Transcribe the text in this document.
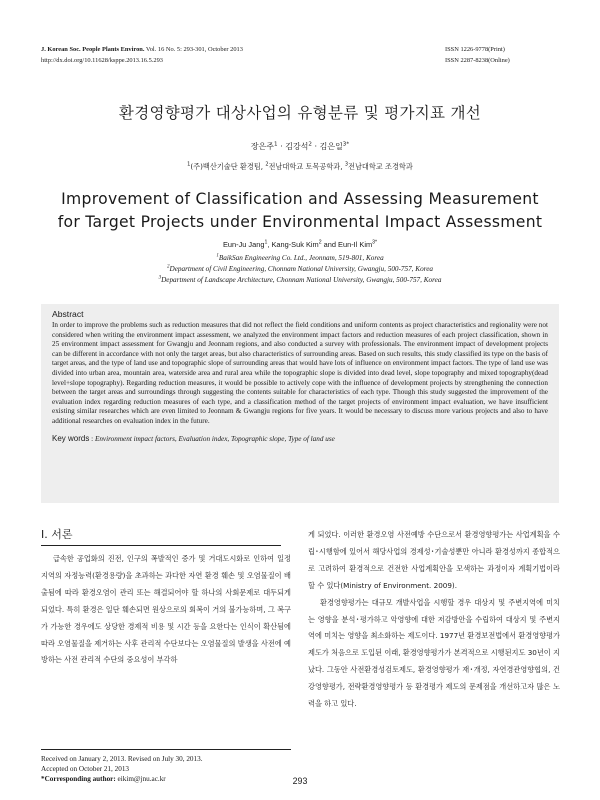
J. Korean Soc. People Plants Environ. Vol. 16 No. 5: 293-301, October 2013
http://dx.doi.org/10.11628/ksppe.2013.16.5.293
ISSN 1226-9778(Print)
ISSN 2287-8238(Online)
환경영향평가 대상사업의 유형분류 및 평가지표 개선
장은주$^1$ · 김강석$^2$ · 김은일$^{3*}$
$^1$(주)백산기술단 환경팀, $^2$전남대학교 토목공학과, $^3$전남대학교 조경학과
Improvement of Classification and Assessing Measurement
for Target Projects under Environmental Impact Assessment
Eun-Ju Jang$^1$, Kang-Suk Kim$^2$ and Eun-Il Kim$^{3*}$
$^1$BaikSan Engineering Co. Ltd., Jeonnam, 519-801, Korea
$^2$Department of Civil Engineering, Chonnam National University, Gwangju, 500-757, Korea
$^3$Department of Landscape Architecture, Chonnam National University, Gwangju, 500-757, Korea
Abstract
In order to improve the problems such as reduction measures that did not reflect the field conditions and uniform contents as project characteristics and regionality were not considered when writing the environment impact assessment, we analyzed the environment impact factors and reduction measures of each project classification, shown in 25 environment impact assessment for Gwangju and Jeonnam regions, and also conducted a survey with professionals. The environment impact of development projects can be different in accordance with not only the target areas, but also characteristics of surrounding areas. Based on such results, this study classified its type on the basis of target areas, and the type of land use and topographic slope of surrounding areas that would have lots of influence on environment impact factors. The type of land use was divided into urban area, mountain area, waterside area and rural area while the topographic slope is divided into dead level, slope topography and mixed topography(dead level+slope topography). Regarding reduction measures, it would be possible to actively cope with the influence of development projects by strengthening the connection between the target areas and surroundings through suggesting the contents suitable for characteristics of each type. Though this study suggested the improvement of the evaluation index regarding reduction measures of each type, and a classification method of the target projects of environment impact evaluation, we have insufficient existing similar researches which are even limited to Jeonnam & Gwangju regions for five years. It would be necessary to discuss more various projects and also to have additional researches on evaluation index in the future.
Key words : Environment impact factors, Evaluation index, Topographic slope, Type of land use
Ⅰ. 서론

급속한 공업화의 진전, 인구의 폭발적인 증가 및 거대도시화로 인하여 일정 지역의 자정능력(환경용량)을 초과하는 과다한 자연 환경 훼손 및 오염물질이 배출됨에 따라 환경오염이 관리 또는 해결되어야 할 하나의 사회문제로 대두되게 되었다. 특히 환경은 일단 훼손되면 원상으로의 회복이 거의 불가능하며, 그 복구가 가능한 경우에도 상당한 경제적 비용 및 시간 등을 요한다는 인식이 확산됨에 따라 오염물질을 제거하는 사후 관리적 수단보다는 오염물질의 발생을 사전에 예방하는 사전 관리적 수단의 중요성이 부각하

게 되었다. 이러한 환경오염 사전예방 수단으로서 환경영향평가는 사업계획을 수립･시행함에 있어서 해당사업의 경제성･기술성뿐만 아니라 환경성까지 종합적으로 고려하여 환경적으로 건전한 사업계획안을 모색하는 과정이자 계획기법이라 할 수 있다(Ministry of Environment. 2009).

환경영향평가는 대규모 개발사업을 시행할 경우 대상지 및 주변지역에 미치는 영향을 분석･평가하고 악영향에 대한 저감방안을 수립하여 대상지 및 주변지역에 미치는 영향을 최소화하는 제도이다. 1977년 환경보전법에서 환경영향평가제도가 처음으로 도입된 이래, 환경영향평가가 본격적으로 시행된지도 30년이 지났다. 그동안 사전환경성검토제도, 환경영향평가 재･개정, 자연경관영향협의, 건강영향평가, 전략환경영향평가 등 환경평가 제도의 문제점을 개선하고자 많은 노력을 하고 있다.

Received on January 2, 2013. Revised on July 30, 2013.
Accepted on October 21, 2013
*Corresponding author: eikim@jnu.ac.kr	293
